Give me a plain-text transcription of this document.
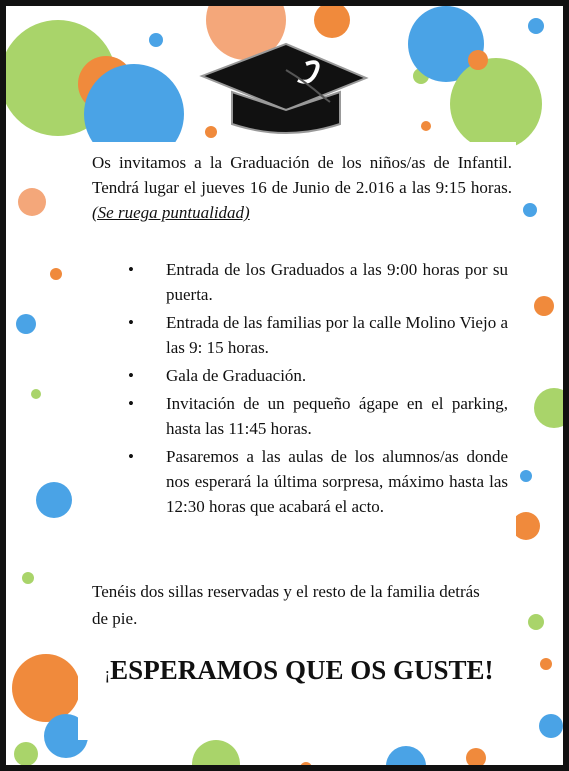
Os invitamos a la Graduación de los niños/as de Infantil. Tendrá lugar el jueves 16 de Junio de 2.016 a las 9:15 horas. (Se ruega puntualidad)
• Entrada de los Graduados a las 9:00 horas por su puerta.
• Entrada de las familias por la calle Molino Viejo a las 9: 15 horas.
• Gala de Graduación.
• Invitación de un pequeño ágape en el parking, hasta las 11:45 horas.
• Pasaremos a las aulas de los alumnos/as donde nos esperará la última sorpresa, máximo hasta las 12:30 horas que acabará el acto.
Tenéis dos sillas reservadas y el resto de la familia detrás de pie.
¡ESPERAMOS QUE OS GUSTE!
